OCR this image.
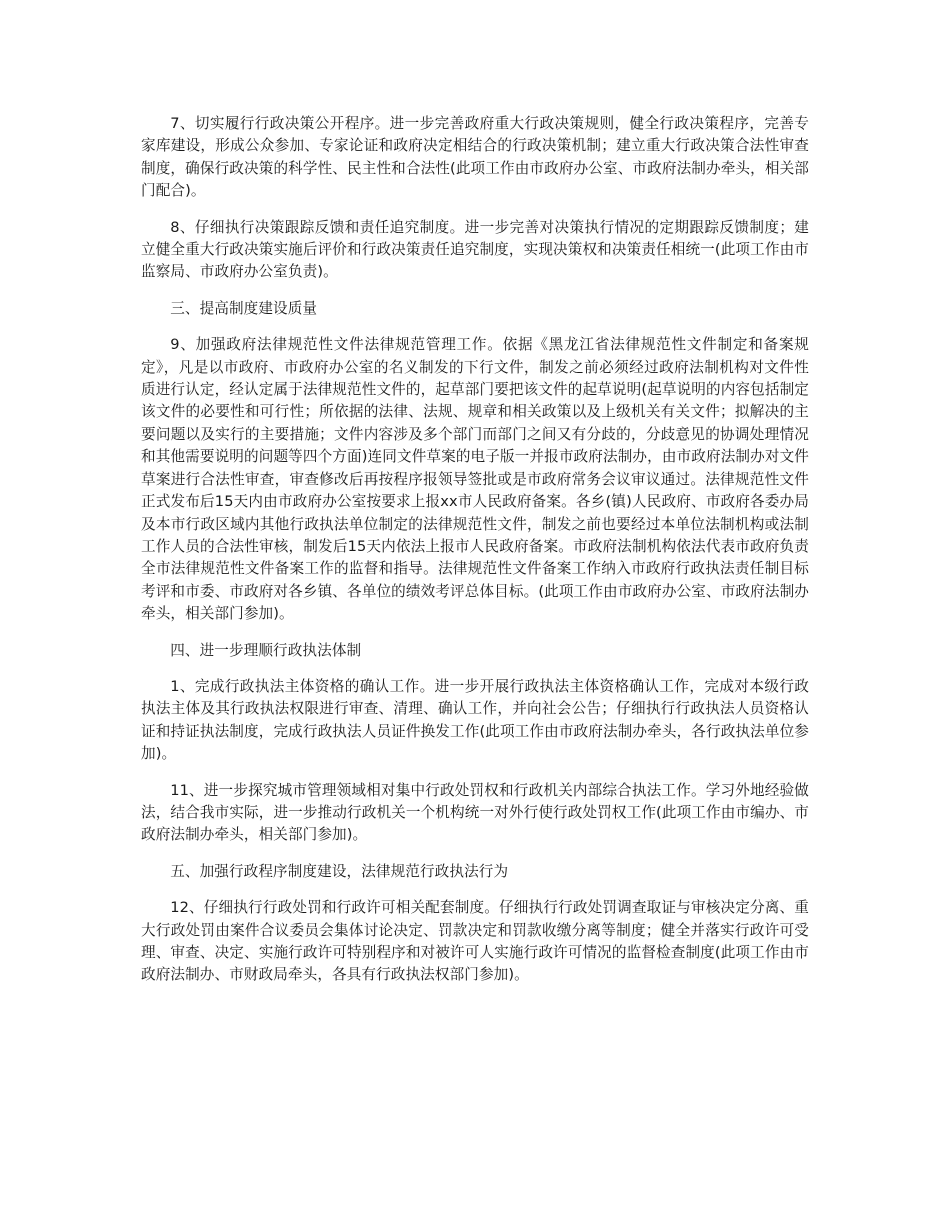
7、切实履行行政决策公开程序。进一步完善政府重大行政决策规则，健全行政决策程序，完善专家库建设，形成公众参加、专家论证和政府决定相结合的行政决策机制；建立重大行政决策合法性审查制度，确保行政决策的科学性、民主性和合法性(此项工作由市政府办公室、市政府法制办牵头，相关部门配合)。

8、仔细执行决策跟踪反馈和责任追究制度。进一步完善对决策执行情况的定期跟踪反馈制度；建立健全重大行政决策实施后评价和行政决策责任追究制度，实现决策权和决策责任相统一(此项工作由市监察局、市政府办公室负责)。

三、提高制度建设质量

9、加强政府法律规范性文件法律规范管理工作。依据《黑龙江省法律规范性文件制定和备案规定》，凡是以市政府、市政府办公室的名义制发的下行文件，制发之前必须经过政府法制机构对文件性质进行认定，经认定属于法律规范性文件的，起草部门要把该文件的起草说明(起草说明的内容包括制定该文件的必要性和可行性；所依据的法律、法规、规章和相关政策以及上级机关有关文件；拟解决的主要问题以及实行的主要措施；文件内容涉及多个部门而部门之间又有分歧的，分歧意见的协调处理情况和其他需要说明的问题等四个方面)连同文件草案的电子版一并报市政府法制办，由市政府法制办对文件草案进行合法性审查，审查修改后再按程序报领导签批或是市政府常务会议审议通过。法律规范性文件正式发布后15天内由市政府办公室按要求上报xx市人民政府备案。各乡(镇)人民政府、市政府各委办局及本市行政区域内其他行政执法单位制定的法律规范性文件，制发之前也要经过本单位法制机构或法制工作人员的合法性审核，制发后15天内依法上报市人民政府备案。市政府法制机构依法代表市政府负责全市法律规范性文件备案工作的监督和指导。法律规范性文件备案工作纳入市政府行政执法责任制目标考评和市委、市政府对各乡镇、各单位的绩效考评总体目标。(此项工作由市政府办公室、市政府法制办牵头，相关部门参加)。

四、进一步理顺行政执法体制

1、完成行政执法主体资格的确认工作。进一步开展行政执法主体资格确认工作，完成对本级行政执法主体及其行政执法权限进行审查、清理、确认工作，并向社会公告；仔细执行行政执法人员资格认证和持证执法制度，完成行政执法人员证件换发工作(此项工作由市政府法制办牵头，各行政执法单位参加)。

11、进一步探究城市管理领域相对集中行政处罚权和行政机关内部综合执法工作。学习外地经验做法，结合我市实际，进一步推动行政机关一个机构统一对外行使行政处罚权工作(此项工作由市编办、市政府法制办牵头，相关部门参加)。

五、加强行政程序制度建设，法律规范行政执法行为

12、仔细执行行政处罚和行政许可相关配套制度。仔细执行行政处罚调查取证与审核决定分离、重大行政处罚由案件合议委员会集体讨论决定、罚款决定和罚款收缴分离等制度；健全并落实行政许可受理、审查、决定、实施行政许可特别程序和对被许可人实施行政许可情况的监督检查制度(此项工作由市政府法制办、市财政局牵头，各具有行政执法权部门参加)。
